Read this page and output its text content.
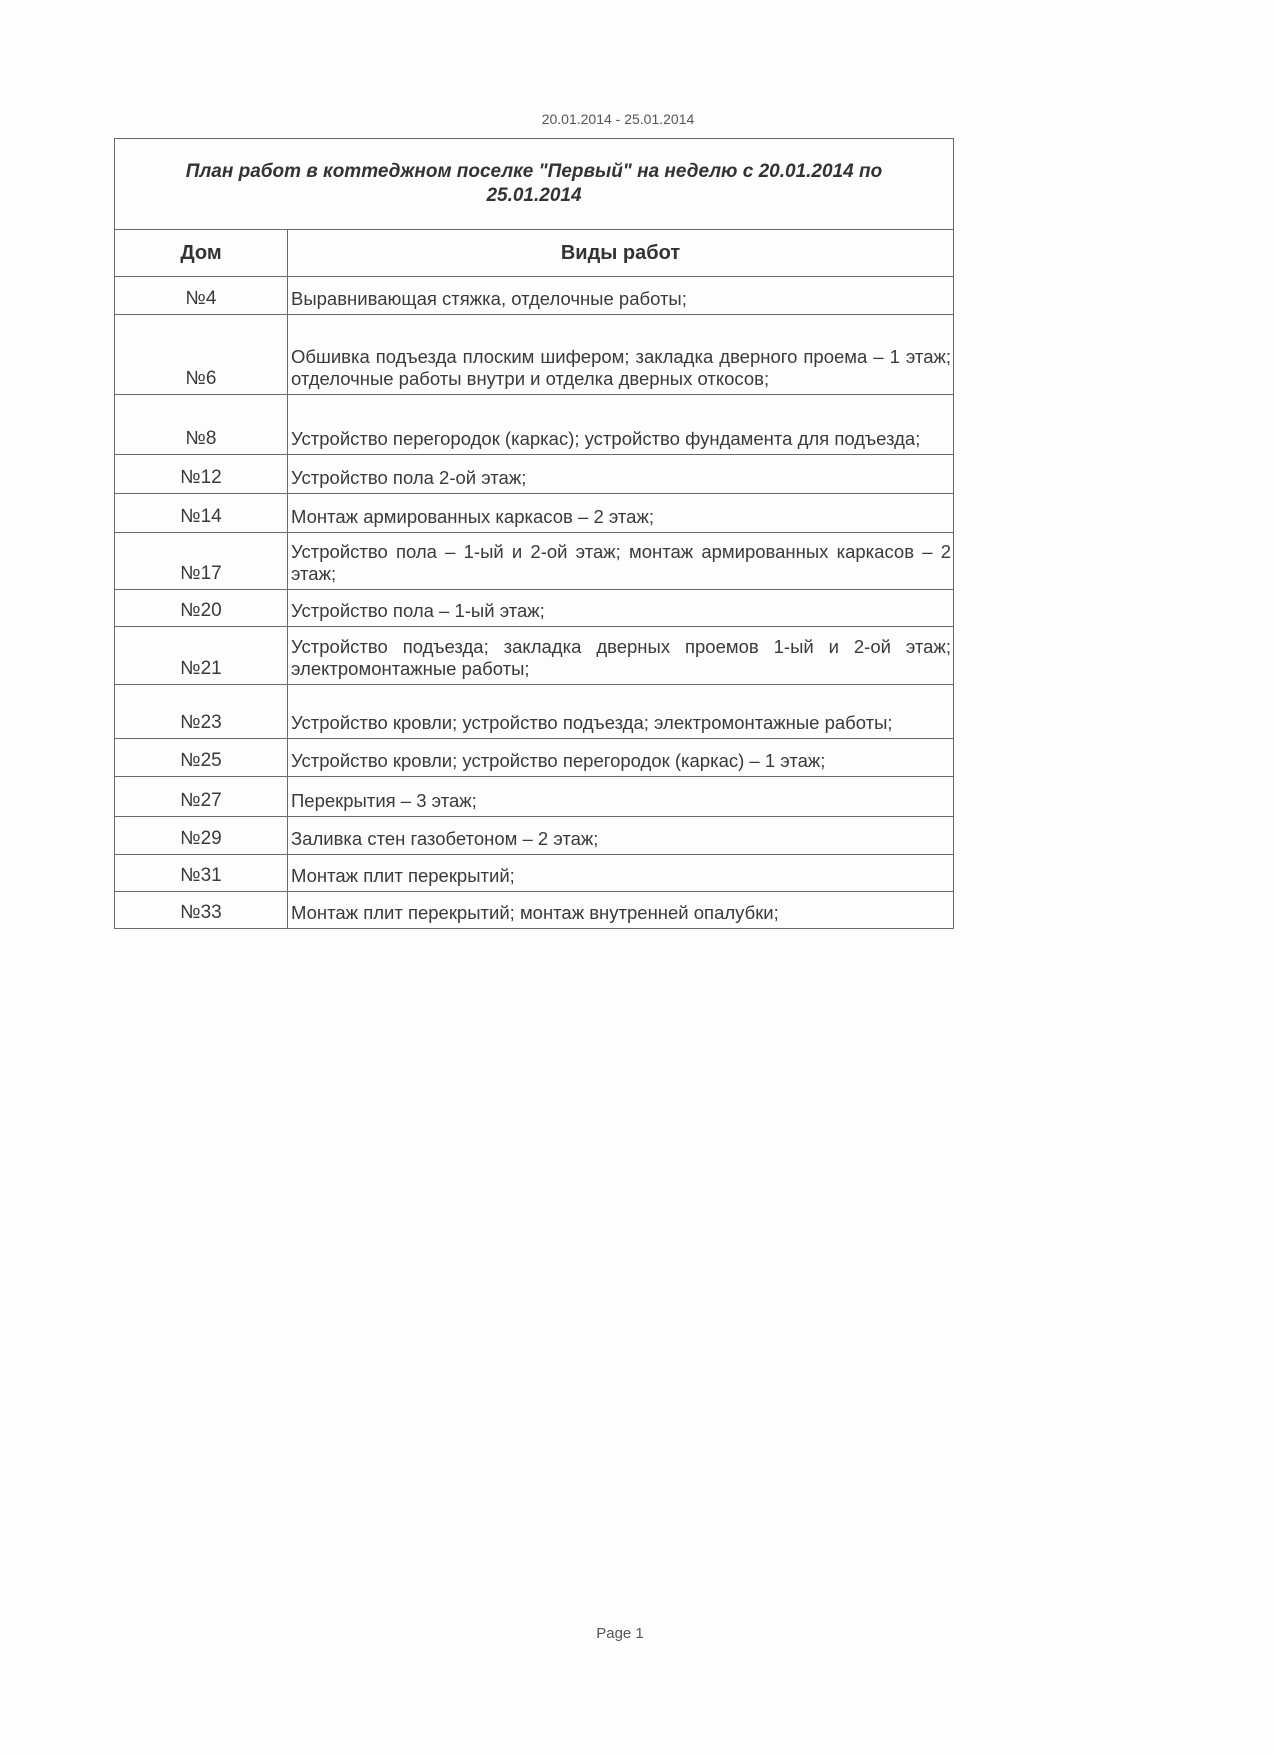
20.01.2014 - 25.01.2014
План работ в коттеджном поселке "Первый" на неделю с 20.01.2014 по 25.01.2014	
Дом	Виды работ
№4	Выравнивающая стяжка, отделочные работы;
№6	Обшивка подъезда плоским шифером; закладка дверного проема – 1 этаж; отделочные работы внутри и отделка дверных откосов;
№8	Устройство перегородок (каркас); устройство фундамента для подъезда;
№12	Устройство пола 2-ой этаж;
№14	Монтаж армированных каркасов – 2 этаж;
№17	Устройство пола – 1-ый и 2-ой этаж; монтаж армированных каркасов – 2 этаж;
№20	Устройство пола – 1-ый этаж;
№21	Устройство подъезда; закладка дверных проемов 1-ый и 2-ой этаж; электромонтажные работы;
№23	Устройство кровли; устройство подъезда; электромонтажные работы;
№25	Устройство кровли; устройство перегородок (каркас) – 1 этаж;
№27	Перекрытия – 3 этаж;
№29	Заливка стен газобетоном – 2 этаж;
№31	Монтаж плит перекрытий;
№33	Монтаж плит перекрытий; монтаж внутренней опалубки;
Page 1
